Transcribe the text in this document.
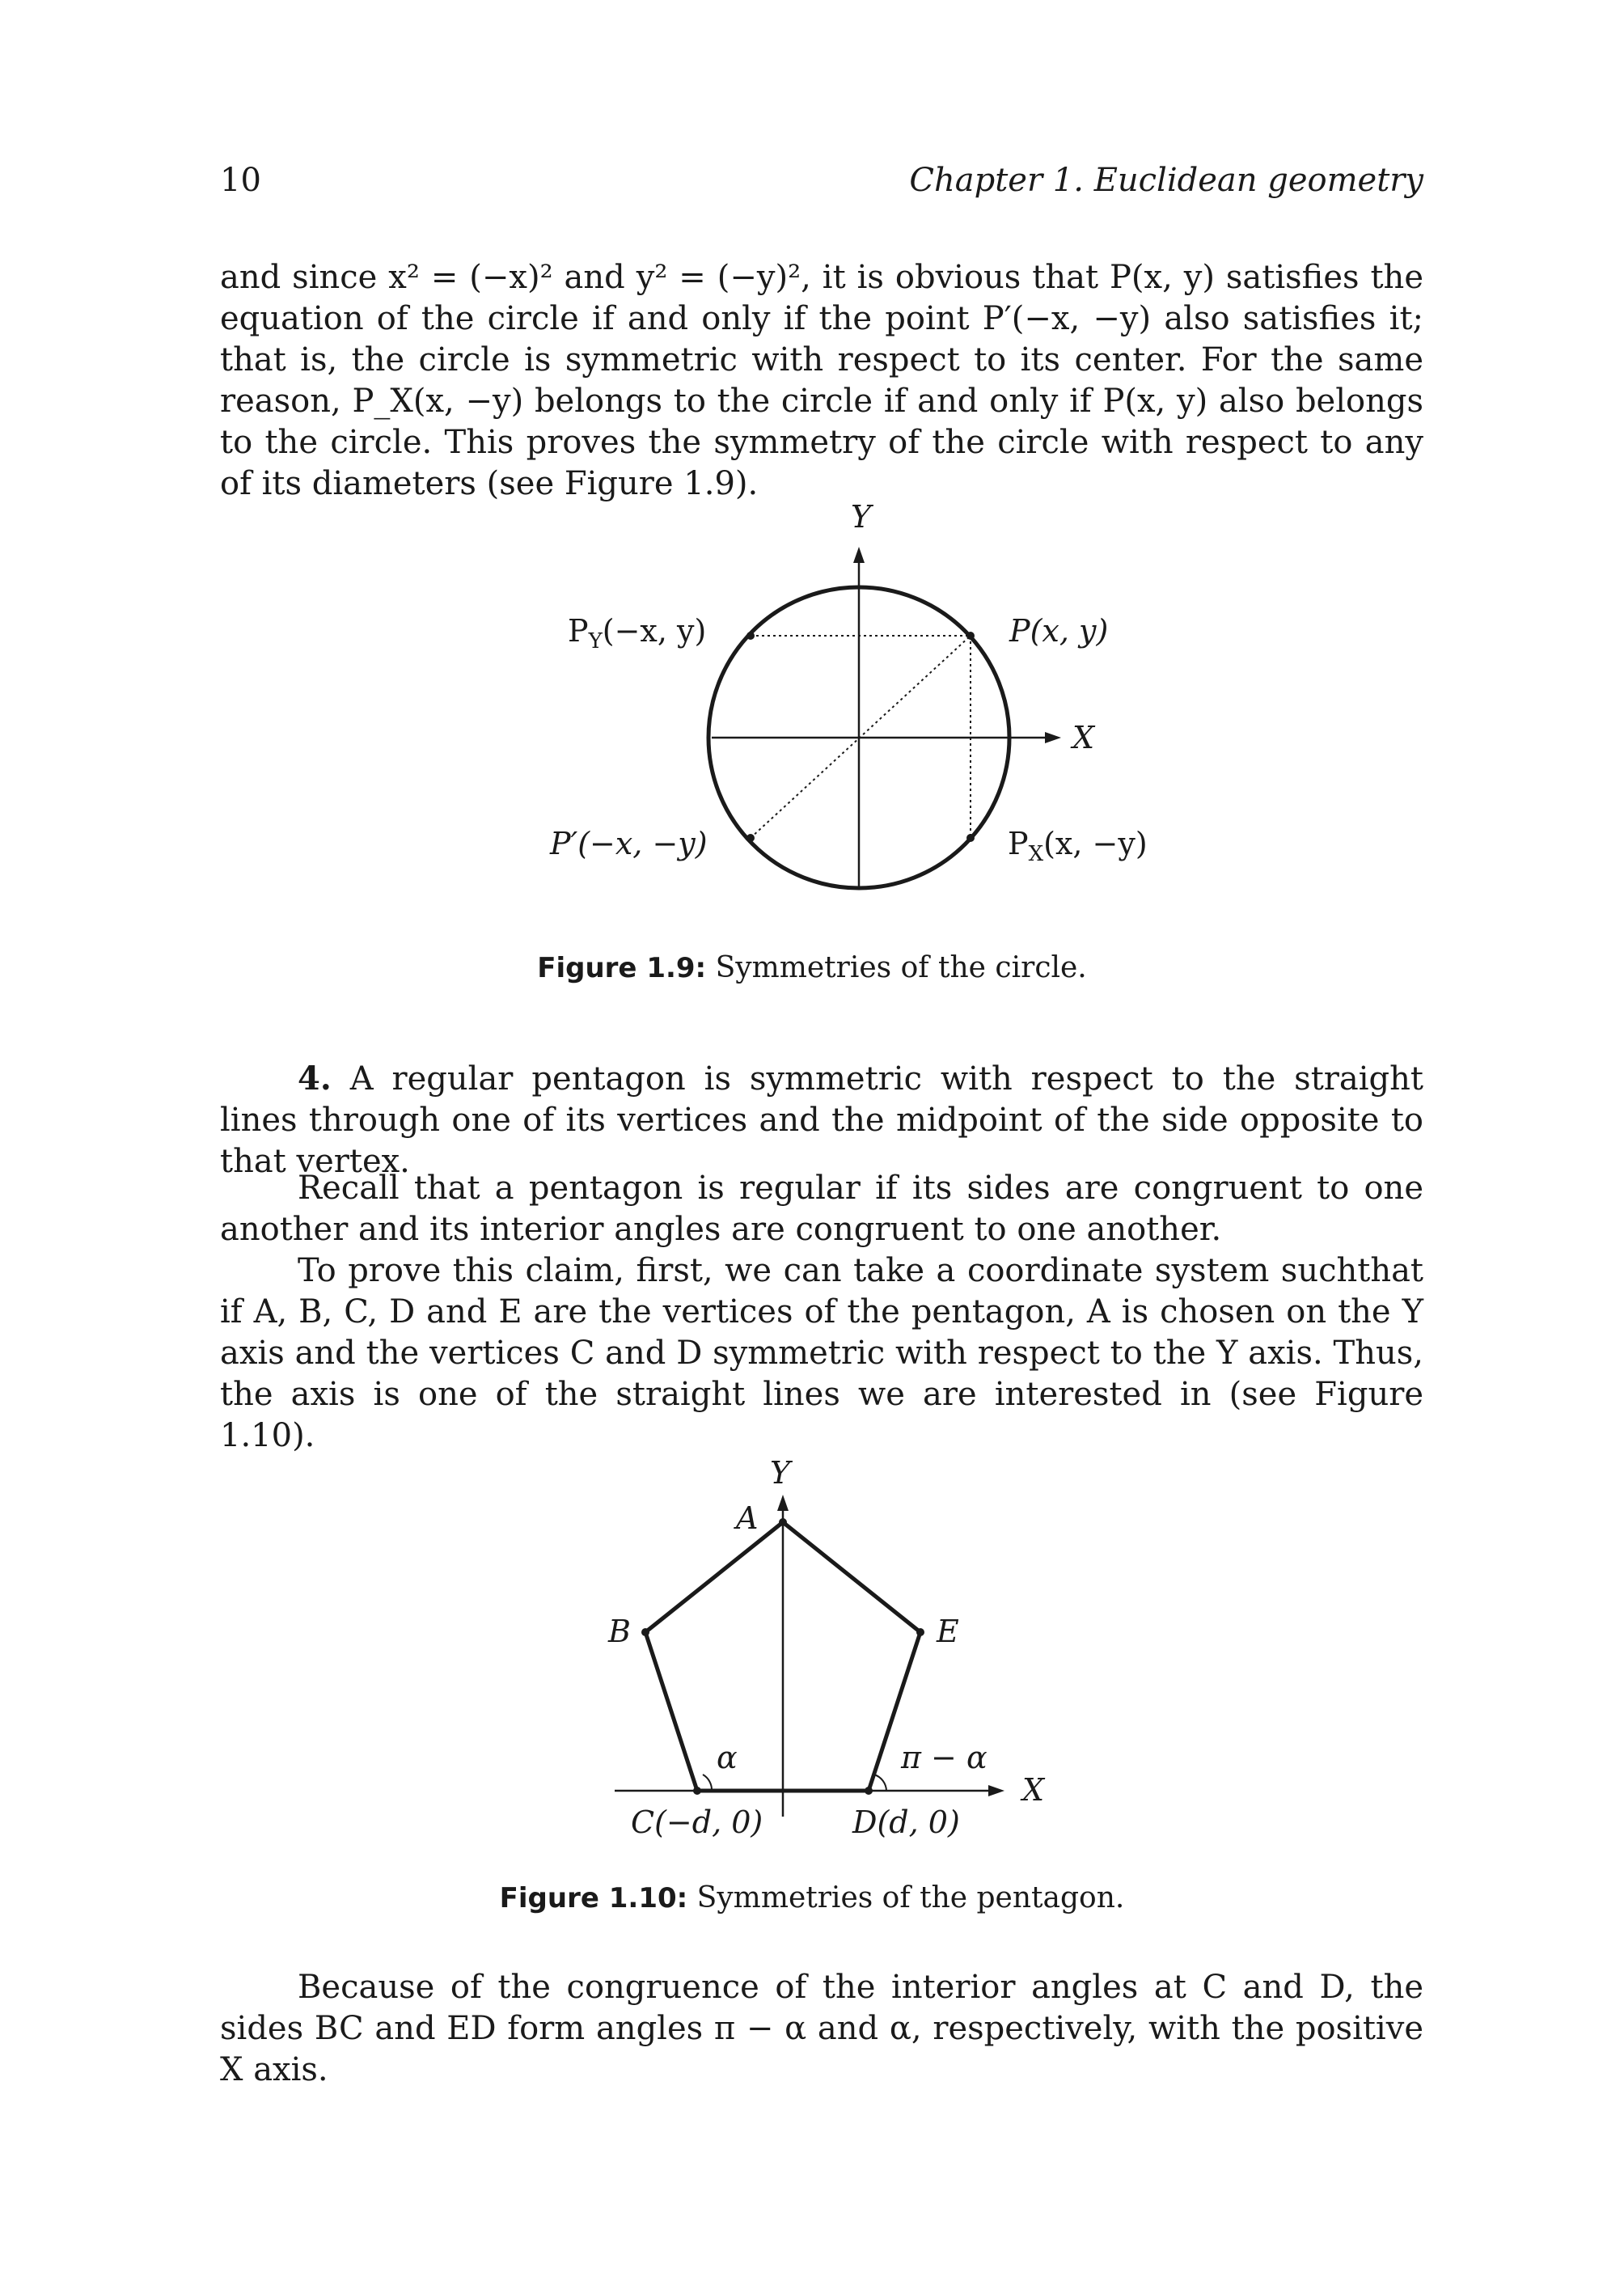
10	Chapter 1. Euclidean geometry

and since x² = (−x)² and y² = (−y)², it is obvious that P(x, y) satisfies the equation of the circle if and only if the point P′(−x, −y) also satisfies it; that is, the circle is symmetric with respect to its center. For the same reason, P_X(x, −y) belongs to the circle if and only if P(x, y) also belongs to the circle. This proves the symmetry of the circle with respect to any of its diameters (see Figure 1.9).

Y
X
$P_Y(-x$, y)	P(x, y)
P′(−x, −y)	$P_X(x$, −y)
Figure 1.9: Symmetries of the circle.

4. A regular pentagon is symmetric with respect to the straight lines through one of its vertices and the midpoint of the side opposite to that vertex.

Recall that a pentagon is regular if its sides are congruent to one another and its interior angles are congruent to one another.

To prove this claim, first, we can take a coordinate system suchthat if A, B, C, D and E are the vertices of the pentagon, A is chosen on the Y axis and the vertices C and D symmetric with respect to the Y axis. Thus, the axis is one of the straight lines we are interested in (see Figure 1.10).

Y
X
A
B	E
α	π − α
C(−d, 0)	D(d, 0)
Figure 1.10: Symmetries of the pentagon.

Because of the congruence of the interior angles at C and D, the sides BC and ED form angles π − α and α, respectively, with the positive X axis.
